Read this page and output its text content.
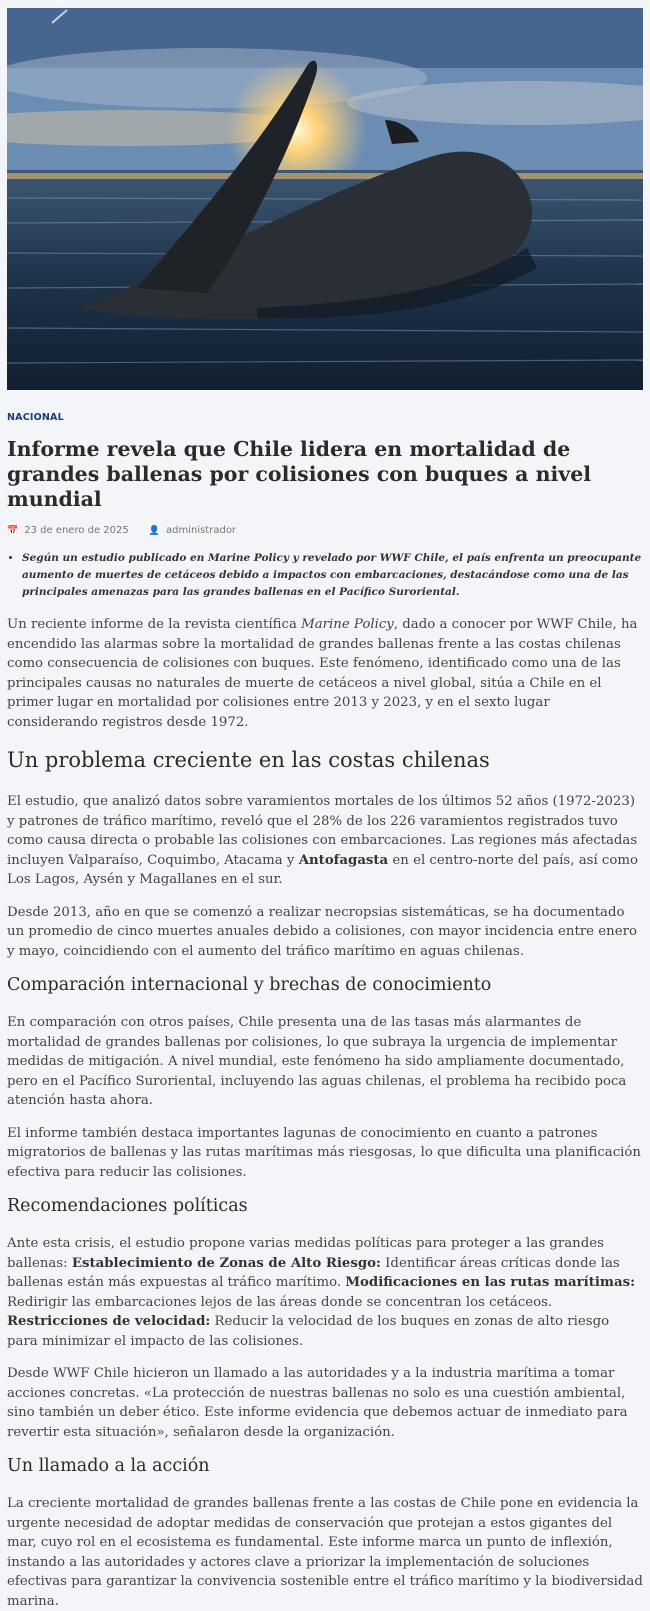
NACIONAL
Informe revela que Chile lidera en mortalidad de grandes ballenas por colisiones con buques a nivel mundial
📅 23 de enero de 2025 👤 administrador
• Según un estudio publicado en Marine Policy y revelado por WWF Chile, el país enfrenta un preocupante aumento de muertes de cetáceos debido a impactos con embarcaciones, destacándose como una de las principales amenazas para las grandes ballenas en el Pacífico Suroriental.

Un reciente informe de la revista científica Marine Policy, dado a conocer por WWF Chile, ha encendido las alarmas sobre la mortalidad de grandes ballenas frente a las costas chilenas como consecuencia de colisiones con buques. Este fenómeno, identificado como una de las principales causas no naturales de muerte de cetáceos a nivel global, sitúa a Chile en el primer lugar en mortalidad por colisiones entre 2013 y 2023, y en el sexto lugar considerando registros desde 1972.

Un problema creciente en las costas chilenas

El estudio, que analizó datos sobre varamientos mortales de los últimos 52 años (1972-2023) y patrones de tráfico marítimo, reveló que el 28% de los 226 varamientos registrados tuvo como causa directa o probable las colisiones con embarcaciones. Las regiones más afectadas incluyen Valparaíso, Coquimbo, Atacama y Antofagasta en el centro-norte del país, así como Los Lagos, Aysén y Magallanes en el sur.

Desde 2013, año en que se comenzó a realizar necropsias sistemáticas, se ha documentado un promedio de cinco muertes anuales debido a colisiones, con mayor incidencia entre enero y mayo, coincidiendo con el aumento del tráfico marítimo en aguas chilenas.

Comparación internacional y brechas de conocimiento

En comparación con otros países, Chile presenta una de las tasas más alarmantes de mortalidad de grandes ballenas por colisiones, lo que subraya la urgencia de implementar medidas de mitigación. A nivel mundial, este fenómeno ha sido ampliamente documentado, pero en el Pacífico Suroriental, incluyendo las aguas chilenas, el problema ha recibido poca atención hasta ahora.

El informe también destaca importantes lagunas de conocimiento en cuanto a patrones migratorios de ballenas y las rutas marítimas más riesgosas, lo que dificulta una planificación efectiva para reducir las colisiones.

Recomendaciones políticas

Ante esta crisis, el estudio propone varias medidas políticas para proteger a las grandes ballenas: Establecimiento de Zonas de Alto Riesgo: Identificar áreas críticas donde las ballenas están más expuestas al tráfico marítimo. Modificaciones en las rutas marítimas: Redirigir las embarcaciones lejos de las áreas donde se concentran los cetáceos. Restricciones de velocidad: Reducir la velocidad de los buques en zonas de alto riesgo para minimizar el impacto de las colisiones.

Desde WWF Chile hicieron un llamado a las autoridades y a la industria marítima a tomar acciones concretas. «La protección de nuestras ballenas no solo es una cuestión ambiental, sino también un deber ético. Este informe evidencia que debemos actuar de inmediato para revertir esta situación», señalaron desde la organización.

Un llamado a la acción

La creciente mortalidad de grandes ballenas frente a las costas de Chile pone en evidencia la urgente necesidad de adoptar medidas de conservación que protejan a estos gigantes del mar, cuyo rol en el ecosistema es fundamental. Este informe marca un punto de inflexión, instando a las autoridades y actores clave a priorizar la implementación de soluciones efectivas para garantizar la convivencia sostenible entre el tráfico marítimo y la biodiversidad marina.
